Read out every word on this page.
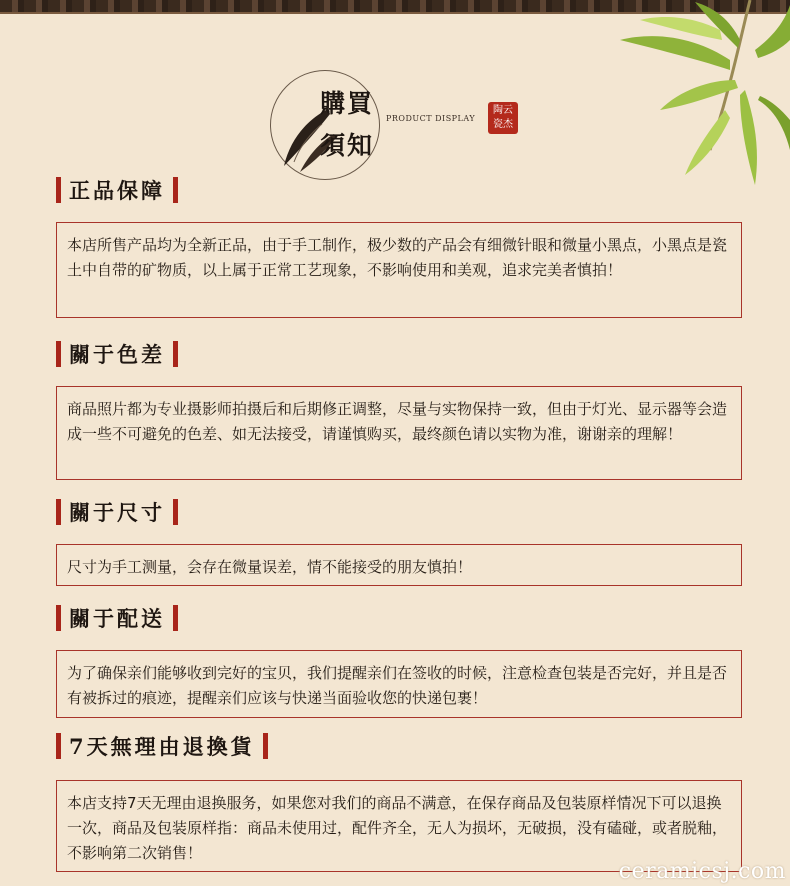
購買
須知
PRODUCT DISPLAY
陶云
瓷杰
正品保障
本店所售产品均为全新正品，由于手工制作，极少数的产品会有细微针眼和微量小黑点，小黑点是瓷土中自带的矿物质，以上属于正常工艺现象，不影响使用和美观，追求完美者慎拍！
關于色差
商品照片都为专业摄影师拍摄后和后期修正调整，尽量与实物保持一致，但由于灯光、显示器等会造成一些不可避免的色差、如无法接受，请谨慎购买，最终颜色请以实物为准，谢谢亲的理解！
關于尺寸
尺寸为手工测量，会存在微量误差，情不能接受的朋友慎拍！
關于配送
为了确保亲们能够收到完好的宝贝，我们提醒亲们在签收的时候，注意检查包装是否完好，并且是否有被拆过的痕迹，提醒亲们应该与快递当面验收您的快递包裹！
7天無理由退換貨
本店支持7天无理由退换服务，如果您对我们的商品不满意，在保存商品及包装原样情况下可以退换一次，商品及包装原样指：商品未使用过，配件齐全，无人为损坏，无破损，没有磕碰，或者脱釉，不影响第二次销售！
ceramicsj.com
